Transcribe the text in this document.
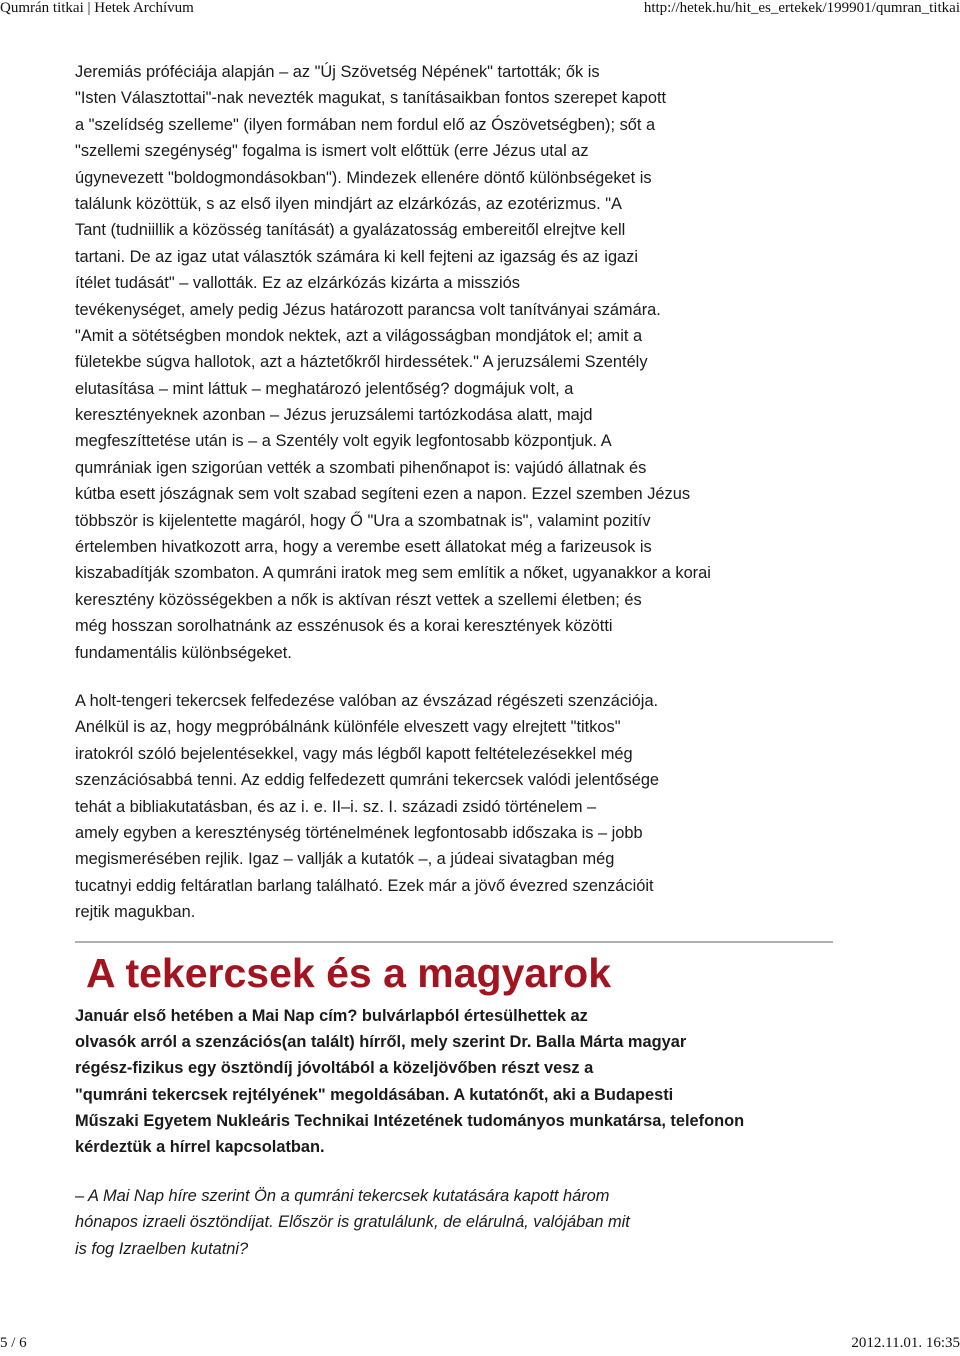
Qumrán titkai | Hetek Archívum	http://hetek.hu/hit_es_ertekek/199901/qumran_titkai
Jeremiás próféciája alapján – az "Új Szövetség Népének" tartották; ők is
"Isten Választottai"-nak nevezték magukat, s tanításaikban fontos szerepet kapott
a "szelídség szelleme" (ilyen formában nem fordul elő az Ószövetségben); sőt a
"szellemi szegénység" fogalma is ismert volt előttük (erre Jézus utal az
úgynevezett "boldogmondásokban"). Mindezek ellenére döntő különbségeket is
találunk közöttük, s az első ilyen mindjárt az elzárkózás, az ezotérizmus. "A
Tant (tudniillik a közösség tanítását) a gyalázatosság embereitől elrejtve kell
tartani. De az igaz utat választók számára ki kell fejteni az igazság és az igazi
ítélet tudását" – vallották. Ez az elzárkózás kizárta a missziós
tevékenységet, amely pedig Jézus határozott parancsa volt tanítványai számára.
"Amit a sötétségben mondok nektek, azt a világosságban mondjátok el; amit a
fületekbe súgva hallotok, azt a háztetőkről hirdessétek." A jeruzsálemi Szentély
elutasítása – mint láttuk – meghatározó jelentőség? dogmájuk volt, a
keresztényeknek azonban – Jézus jeruzsálemi tartózkodása alatt, majd
megfeszíttetése után is – a Szentély volt egyik legfontosabb központjuk. A
qumrániak igen szigorúan vették a szombati pihenőnapot is: vajúdó állatnak és
kútba esett jószágnak sem volt szabad segíteni ezen a napon. Ezzel szemben Jézus
többször is kijelentette magáról, hogy Ő "Ura a szombatnak is", valamint pozitív
értelemben hivatkozott arra, hogy a verembe esett állatokat még a farizeusok is
kiszabadítják szombaton. A qumráni iratok meg sem említik a nőket, ugyanakkor a korai
keresztény közösségekben a nők is aktívan részt vettek a szellemi életben; és
még hosszan sorolhatnánk az esszénusok és a korai keresztények közötti
fundamentális különbségeket.
A holt-tengeri tekercsek felfedezése valóban az évszázad régészeti szenzációja.
Anélkül is az, hogy megpróbálnánk különféle elveszett vagy elrejtett "titkos"
iratokról szóló bejelentésekkel, vagy más légből kapott feltételezésekkel még
szenzációsabbá tenni. Az eddig felfedezett qumráni tekercsek valódi jelentősége
tehát a bibliakutatásban, és az i. e. II–i. sz. I. századi zsidó történelem –
amely egyben a kereszténység történelmének legfontosabb időszaka is – jobb
megismerésében rejlik. Igaz – vallják a kutatók –, a júdeai sivatagban még
tucatnyi eddig feltáratlan barlang található. Ezek már a jövő évezred szenzációit
rejtik magukban.
A tekercsek és a magyarok
Január első hetében a Mai Nap cím? bulvárlapból értesülhettek az
olvasók arról a szenzációs(an talált) hírről, mely szerint Dr. Balla Márta magyar
régész-fizikus egy ösztöndíj jóvoltából a közeljövőben részt vesz a
"qumráni tekercsek rejtélyének" megoldásában. A kutatónőt, aki a Budapesti
Műszaki Egyetem Nukleáris Technikai Intézetének tudományos munkatársa, telefonon
kérdeztük a hírrel kapcsolatban.
– A Mai Nap híre szerint Ön a qumráni tekercsek kutatására kapott három
hónapos izraeli ösztöndíjat. Először is gratulálunk, de elárulná, valójában mit
is fog Izraelben kutatni?
5 / 6	2012.11.01. 16:35
